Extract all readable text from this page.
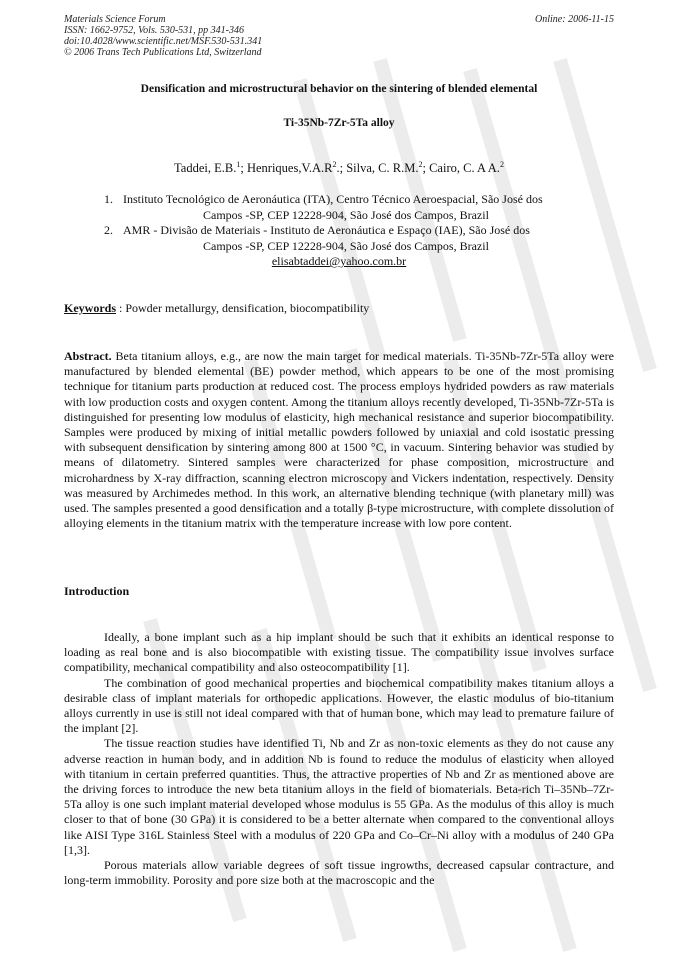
Materials Science Forum
ISSN: 1662-9752, Vols. 530-531, pp 341-346
doi:10.4028/www.scientific.net/MSF.530-531.341
© 2006 Trans Tech Publications Ltd, Switzerland
Online: 2006-11-15
Densification and microstructural behavior on the sintering of blended elemental
Ti-35Nb-7Zr-5Ta alloy
Taddei, E.B.$^1$; $Henriques,V.A.R^2$.; Silva, C. R.M.$^2$; Cairo, C. A A.$^2$
1. Instituto Tecnológico de Aeronáutica (ITA), Centro Técnico Aeroespacial, São José dos
Campos -SP, CEP 12228-904, São José dos Campos, Brazil
2. AMR - Divisão de Materiais - Instituto de Aeronáutica e Espaço (IAE), São José dos
Campos -SP, CEP 12228-904, São José dos Campos, Brazil
elisabtaddei@yahoo.com.br
Keywords : Powder metallurgy, densification, biocompatibility
Abstract. Beta titanium alloys, e.g., are now the main target for medical materials. Ti-35Nb-7Zr-5Ta alloy were manufactured by blended elemental (BE) powder method, which appears to be one of the most promising technique for titanium parts production at reduced cost. The process employs hydrided powders as raw materials with low production costs and oxygen content. Among the titanium alloys recently developed, Ti-35Nb-7Zr-5Ta is distinguished for presenting low modulus of elasticity, high mechanical resistance and superior biocompatibility. Samples were produced by mixing of initial metallic powders followed by uniaxial and cold isostatic pressing with subsequent densification by sintering among 800 at 1500 °C, in vacuum. Sintering behavior was studied by means of dilatometry. Sintered samples were characterized for phase composition, microstructure and microhardness by X-ray diffraction, scanning electron microscopy and Vickers indentation, respectively. Density was measured by Archimedes method. In this work, an alternative blending technique (with planetary mill) was used. The samples presented a good densification and a totally β-type microstructure, with complete dissolution of alloying elements in the titanium matrix with the temperature increase with low pore content.
Introduction

Ideally, a bone implant such as a hip implant should be such that it exhibits an identical response to loading as real bone and is also biocompatible with existing tissue. The compatibility issue involves surface compatibility, mechanical compatibility and also osteocompatibility [1].

The combination of good mechanical properties and biochemical compatibility makes titanium alloys a desirable class of implant materials for orthopedic applications. However, the elastic modulus of bio-titanium alloys currently in use is still not ideal compared with that of human bone, which may lead to premature failure of the implant [2].

The tissue reaction studies have identified Ti, Nb and Zr as non-toxic elements as they do not cause any adverse reaction in human body, and in addition Nb is found to reduce the modulus of elasticity when alloyed with titanium in certain preferred quantities. Thus, the attractive properties of Nb and Zr as mentioned above are the driving forces to introduce the new beta titanium alloys in the field of biomaterials. Beta-rich Ti–35Nb–7Zr-5Ta alloy is one such implant material developed whose modulus is 55 GPa. As the modulus of this alloy is much closer to that of bone (30 GPa) it is considered to be a better alternate when compared to the conventional alloys like AISI Type 316L Stainless Steel with a modulus of 220 GPa and Co–Cr–Ni alloy with a modulus of 240 GPa [1,3].

Porous materials allow variable degrees of soft tissue ingrowths, decreased capsular contracture, and long-term immobility. Porosity and pore size both at the macroscopic and the
